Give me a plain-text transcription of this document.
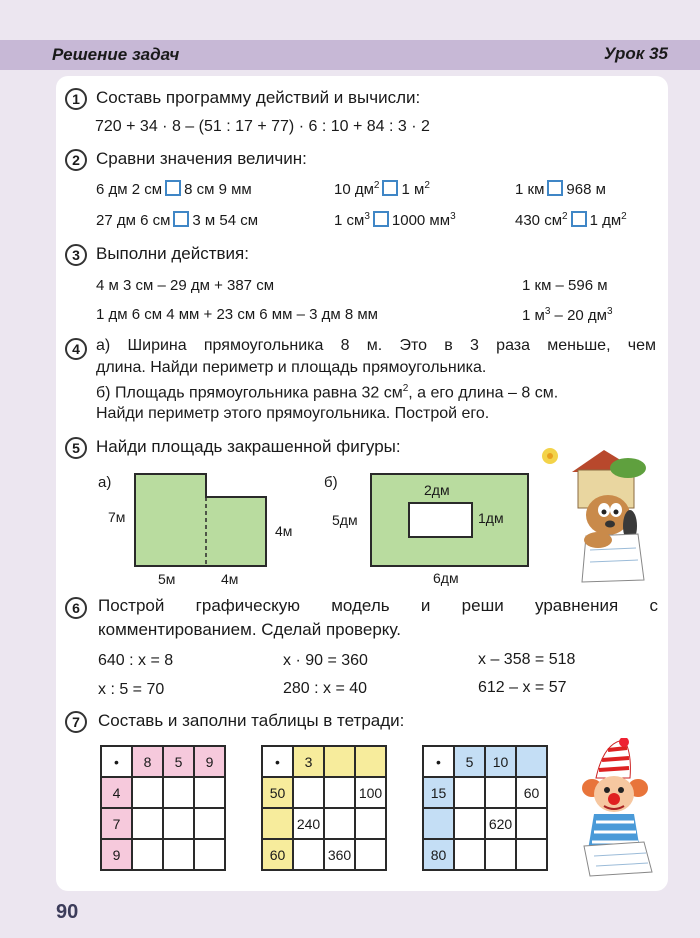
Решение задач	Урок 35
1 Составь программу действий и вычисли:
720 + 34 · 8 – (51 : 17 + 77) · 6 : 10 + 84 : 3 · 2
2 Сравни значения величин:
6 дм 2 см 8 см 9 мм	10 $дм^2$ 1 $м^2$	1 км 968 м
27 дм 6 см 3 м 54 см	1 $см^3$ 1000 $мм^3$	430 $см^2$ 1 $дм^2$
3 Выполни действия:
4 м 3 см – 29 дм + 387 см	1 км – 596 м
1 дм 6 см 4 мм + 23 см 6 мм – 3 дм 8 мм	1 $м^3 - 20$ $дм^3$
4	а) Ширина прямоугольника 8 м. Это в 3 раза меньше, чем
длина. Найди периметр и площадь прямоугольника.
б) Площадь прямоугольника равна 32 $см^2$, а его длина – 8 см.
Найди периметр этого прямоугольника. Построй его.
5 Найди площадь закрашенной фигуры:
а)
7м
4м
5м	4м
б)	2дм
5дм	1дм
6дм
6	Построй графическую модель и реши уравнения с
комментированием. Сделай проверку.
640 : х = 8	х · 90 = 360	х – 358 = 518
х : 5 = 70	280 : х = 40	612 – х = 57
7	Составь и заполни таблицы в тетради:
•	8	5	9
4			
7			
9			
•	3		
50			100
	240		
60		360	
•	5	10	
15			60
		620	
80			
90
